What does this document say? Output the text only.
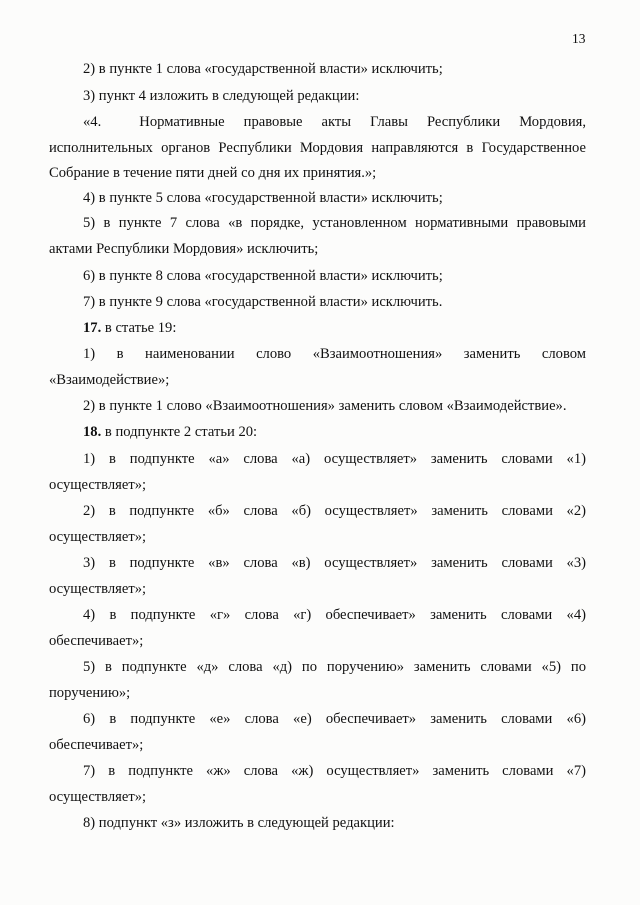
13
2) в пункте 1 слова «государственной власти» исключить;
3) пункт 4 изложить в следующей редакции:
«4.  Нормативные правовые акты Главы Республики Мордовия,
исполнительных органов Республики Мордовия направляются в Государственное
Собрание в течение пяти дней со дня их принятия.»;
4) в пункте 5 слова «государственной власти» исключить;
5) в пункте 7 слова «в порядке, установленном нормативными правовыми
актами Республики Мордовия» исключить;
6) в пункте 8 слова «государственной власти» исключить;
7) в пункте 9 слова «государственной власти» исключить.
17. в статье 19:
1) в наименовании слово «Взаимоотношения» заменить словом
«Взаимодействие»;
2) в пункте 1 слово «Взаимоотношения» заменить словом «Взаимодействие».
18. в подпункте 2 статьи 20:
1) в подпункте «а» слова «а) осуществляет» заменить словами «1)
осуществляет»;
2) в подпункте «б» слова «б) осуществляет» заменить словами «2)
осуществляет»;
3) в подпункте «в» слова «в) осуществляет» заменить словами «3)
осуществляет»;
4) в подпункте «г» слова «г) обеспечивает» заменить словами «4)
обеспечивает»;
5) в подпункте «д» слова «д) по поручению» заменить словами «5) по
поручению»;
6) в подпункте «е» слова «е) обеспечивает» заменить словами «6)
обеспечивает»;
7) в подпункте «ж» слова «ж) осуществляет» заменить словами «7)
осуществляет»;
8) подпункт «з» изложить в следующей редакции:
